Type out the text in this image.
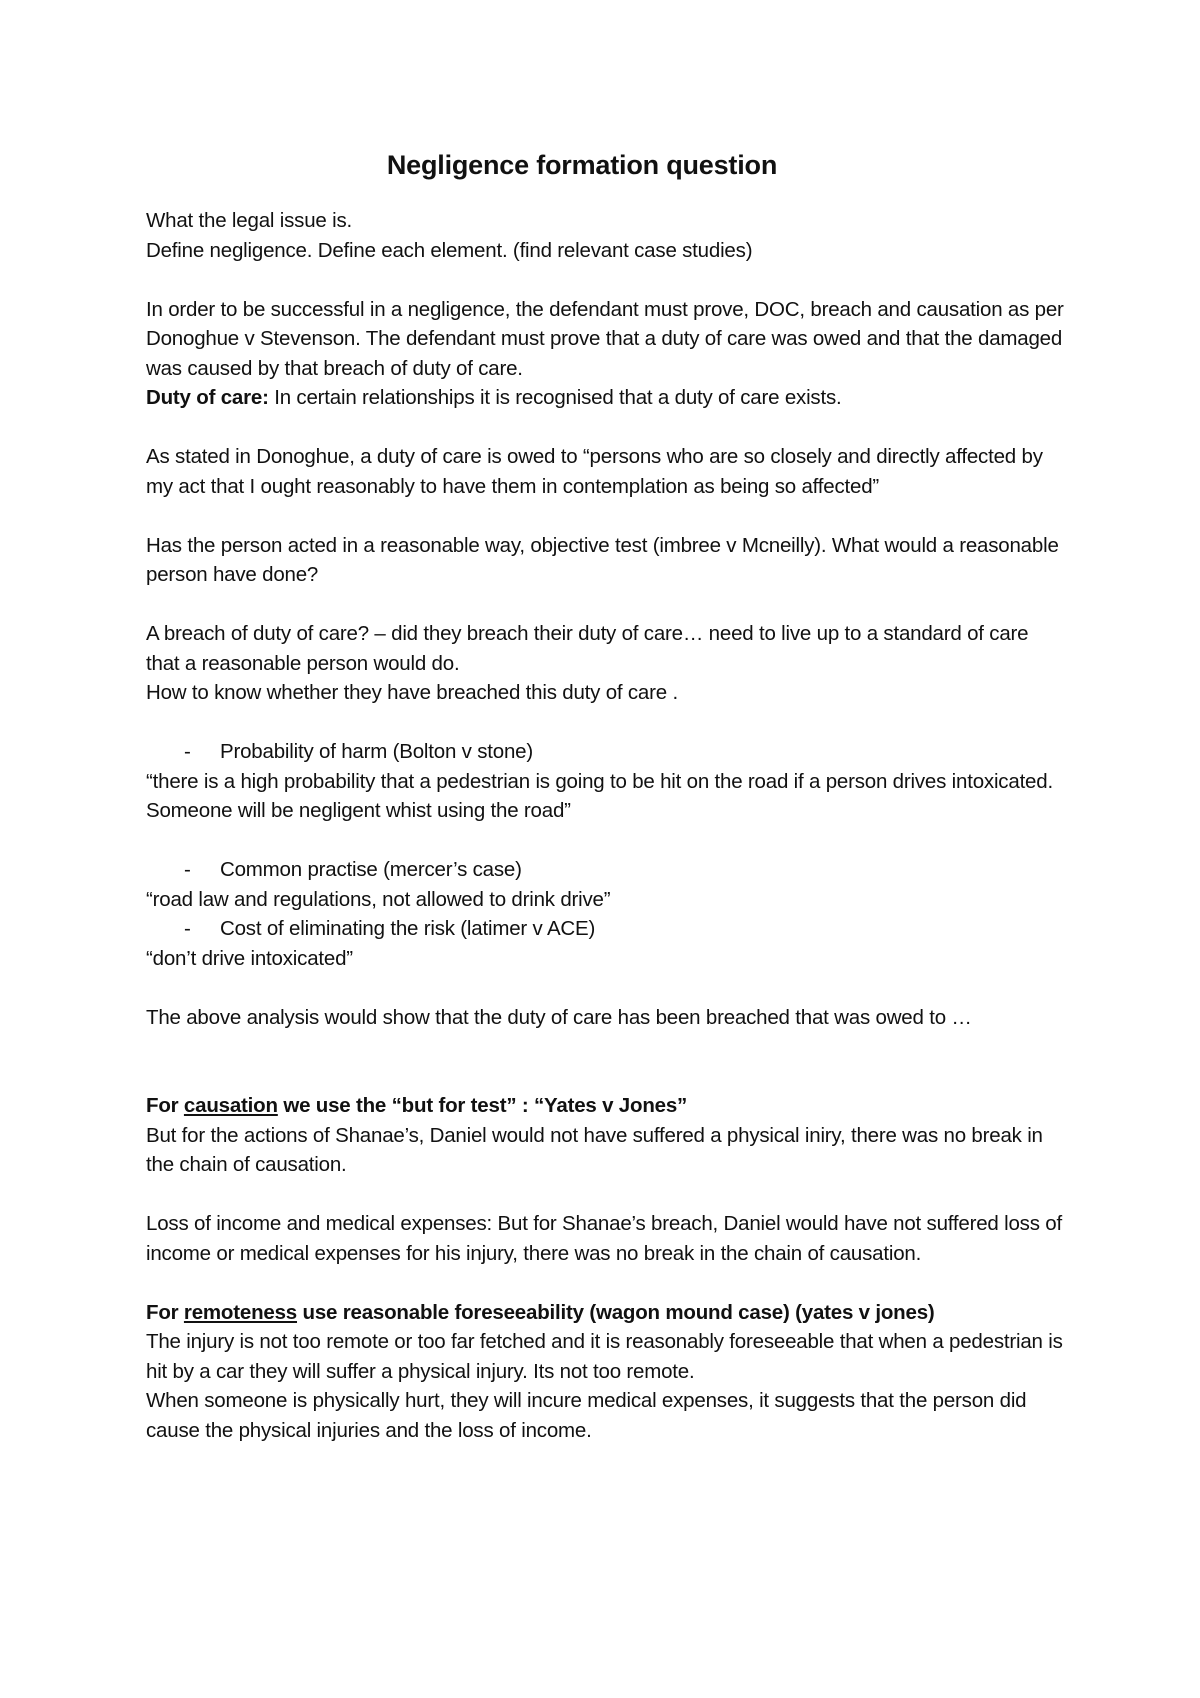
Negligence formation question

What the legal issue is.

Define negligence. Define each element. (find relevant case studies)

In order to be successful in a negligence, the defendant must prove, DOC, breach and causation as per Donoghue v Stevenson. The defendant must prove that a duty of care was owed and that the damaged was caused by that breach of duty of care.

Duty of care: In certain relationships it is recognised that a duty of care exists.

As stated in Donoghue, a duty of care is owed to “persons who are so closely and directly affected by my act that I ought reasonably to have them in contemplation as being so affected”

Has the person acted in a reasonable way, objective test (imbree v Mcneilly). What would a reasonable person have done?

A breach of duty of care? – did they breach their duty of care… need to live up to a standard of care that a reasonable person would do.

How to know whether they have breached this duty of care .

- Probability of harm (Bolton v stone)

“there is a high probability that a pedestrian is going to be hit on the road if a person drives intoxicated. Someone will be negligent whist using the road”

- Common practise (mercer’s case)

“road law and regulations, not allowed to drink drive”

- Cost of eliminating the risk (latimer v ACE)

“don’t drive intoxicated”

The above analysis would show that the duty of care has been breached that was owed to …

For causation we use the “but for test” : “Yates v Jones”

But for the actions of Shanae’s, Daniel would not have suffered a physical iniry, there was no break in the chain of causation.

Loss of income and medical expenses: But for Shanae’s breach, Daniel would have not suffered loss of income or medical expenses for his injury, there was no break in the chain of causation.

For remoteness use reasonable foreseeability (wagon mound case) (yates v jones)

The injury is not too remote or too far fetched and it is reasonably foreseeable that when a pedestrian is hit by a car they will suffer a physical injury. Its not too remote.

When someone is physically hurt, they will incure medical expenses, it suggests that the person did cause the physical injuries and the loss of income.
